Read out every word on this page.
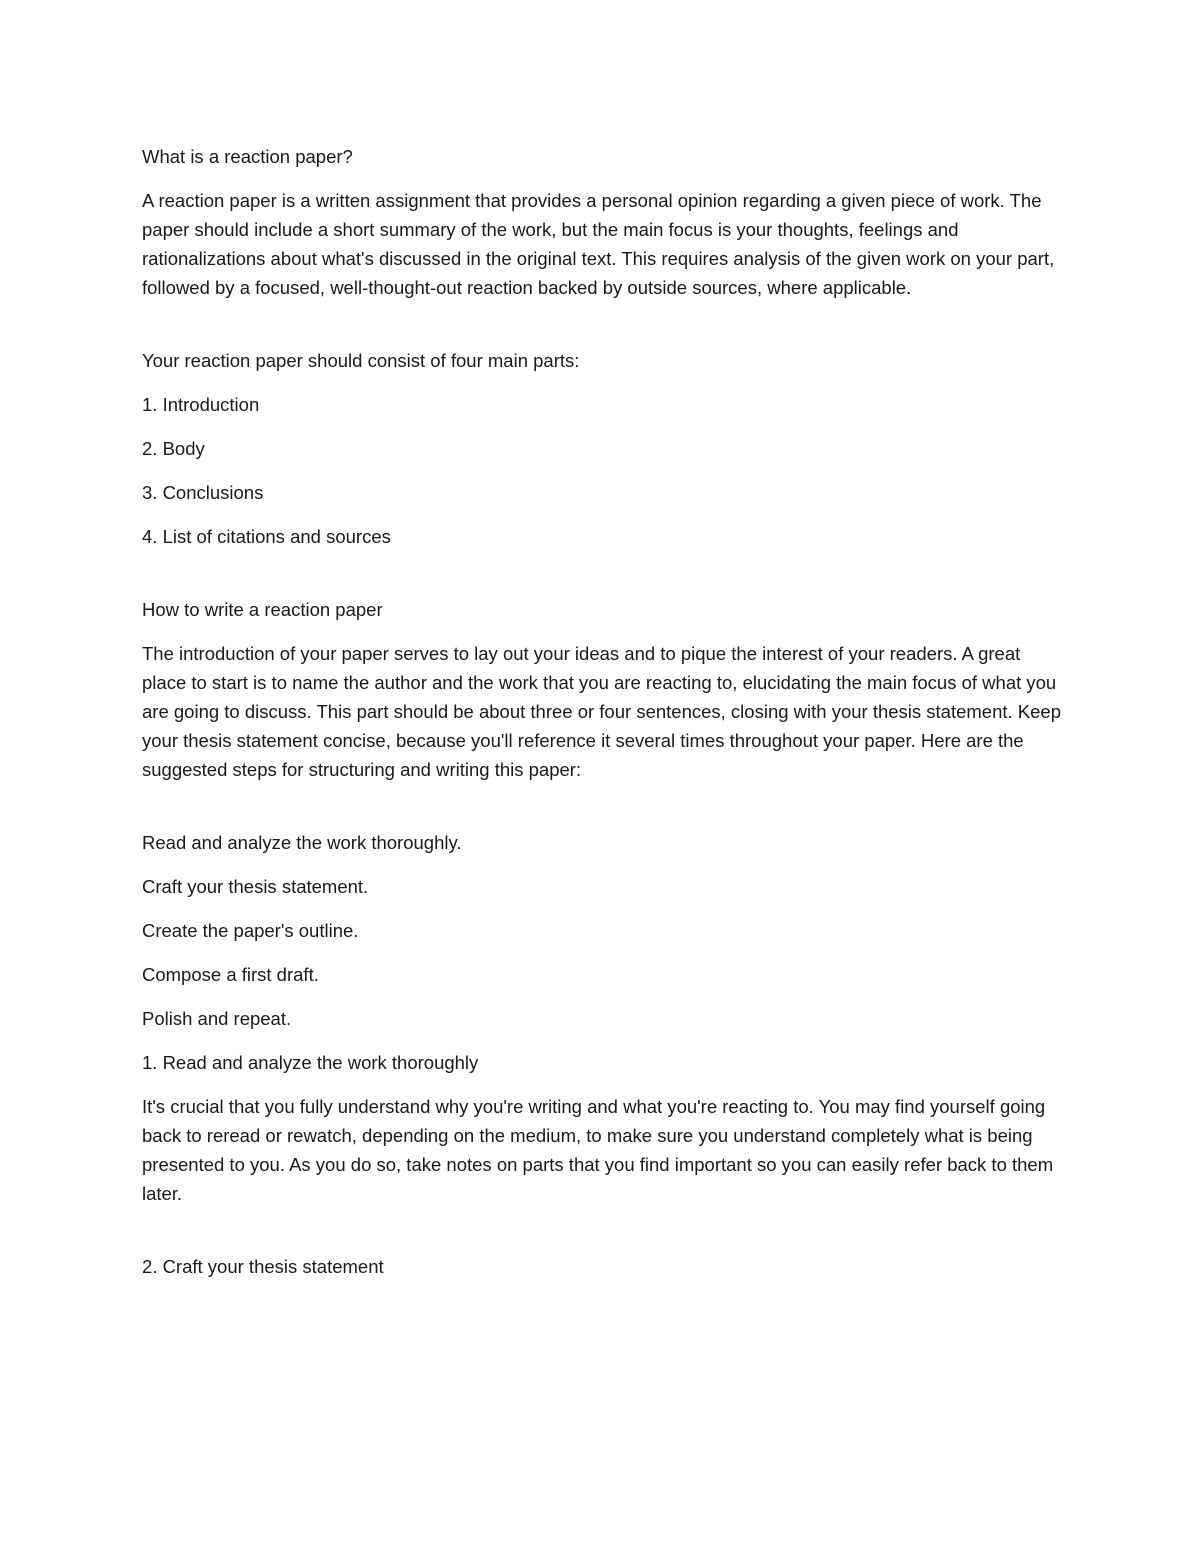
What is a reaction paper?

A reaction paper is a written assignment that provides a personal opinion regarding a given piece of work. The paper should include a short summary of the work, but the main focus is your thoughts, feelings and rationalizations about what's discussed in the original text. This requires analysis of the given work on your part, followed by a focused, well-thought-out reaction backed by outside sources, where applicable.

Your reaction paper should consist of four main parts:

1. Introduction

2. Body

3. Conclusions

4. List of citations and sources

How to write a reaction paper

The introduction of your paper serves to lay out your ideas and to pique the interest of your readers. A great place to start is to name the author and the work that you are reacting to, elucidating the main focus of what you are going to discuss. This part should be about three or four sentences, closing with your thesis statement. Keep your thesis statement concise, because you'll reference it several times throughout your paper. Here are the suggested steps for structuring and writing this paper:

Read and analyze the work thoroughly.

Craft your thesis statement.

Create the paper's outline.

Compose a first draft.

Polish and repeat.

1. Read and analyze the work thoroughly

It's crucial that you fully understand why you're writing and what you're reacting to. You may find yourself going back to reread or rewatch, depending on the medium, to make sure you understand completely what is being presented to you. As you do so, take notes on parts that you find important so you can easily refer back to them later.

2. Craft your thesis statement
